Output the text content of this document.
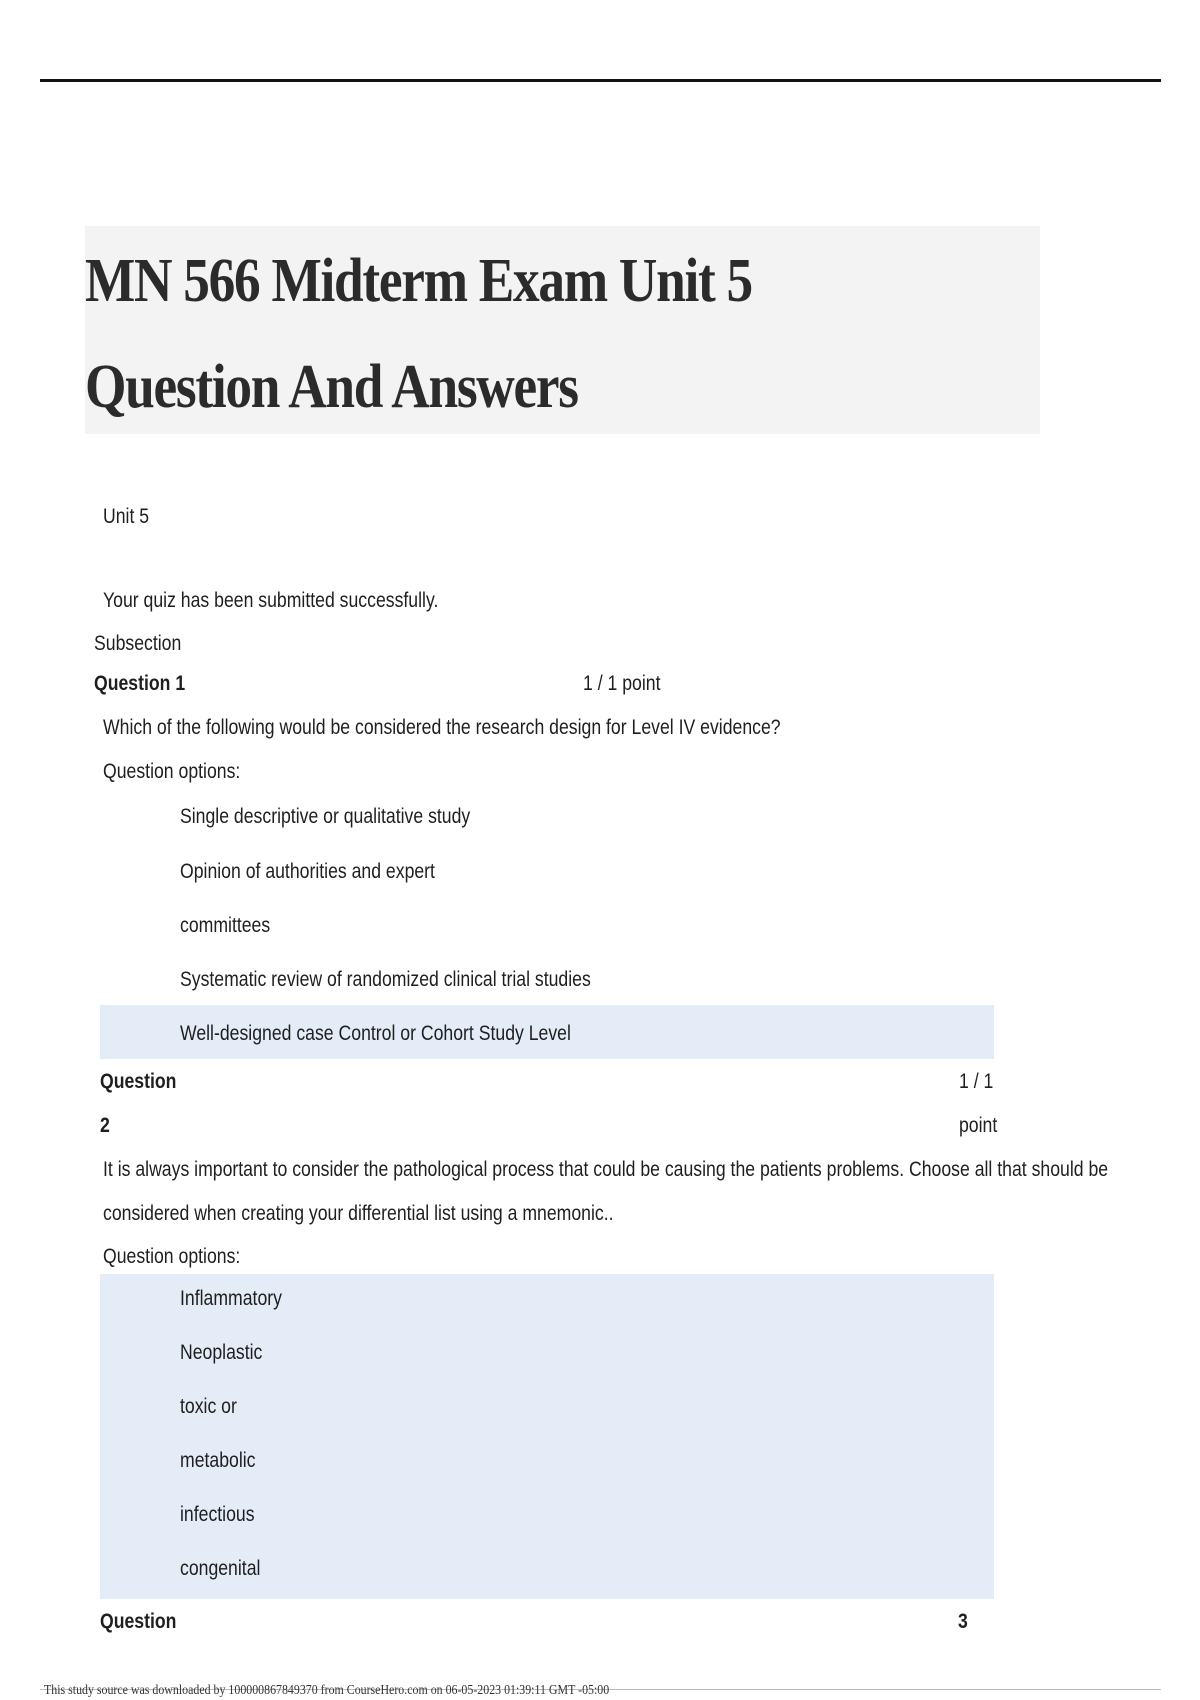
MN 566 Midterm Exam Unit 5 Question And Answers

Unit 5

Your quiz has been submitted successfully.

Subsection

Question 1	1 / 1 point

Which of the following would be considered the research design for Level IV evidence?

Question options:

Single descriptive or qualitative study

Opinion of authorities and expert

committees

Systematic review of randomized clinical trial studies

Well-designed case Control or Cohort Study Level

Question

2

1 / 1

point

It is always important to consider the pathological process that could be causing the patients problems. Choose all that should be

considered when creating your differential list using a mnemonic..

Question options:

Inflammatory

Neoplastic

toxic or

metabolic

infectious

congenital

Question	3

This study source was downloaded by 100000867849370 from CourseHero.com on 06-05-2023 01:39:11 GMT -05:00
